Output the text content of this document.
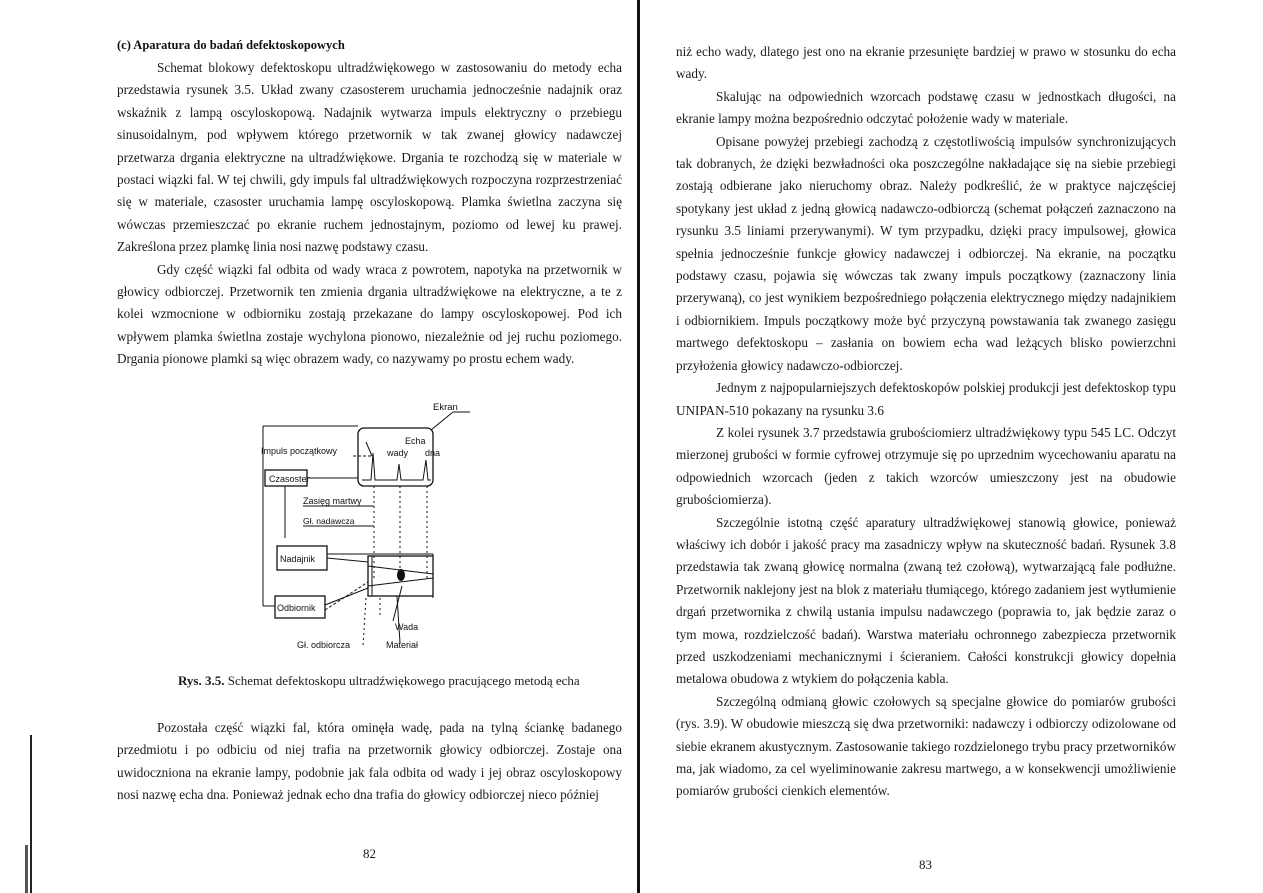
(c) Aparatura do badań defektoskopowych

Schemat blokowy defektoskopu ultradźwiękowego w zastosowaniu do metody echa przedstawia rysunek 3.5. Układ zwany czasosterem uruchamia jednocześnie nadajnik oraz wskaźnik z lampą oscyloskopową. Nadajnik wytwarza impuls elektryczny o przebiegu sinusoidalnym, pod wpływem którego przetwornik w tak zwanej głowicy nadawczej przetwarza drgania elektryczne na ultradźwiękowe. Drgania te rozchodzą się w materiale w postaci wiązki fal. W tej chwili, gdy impuls fal ultradźwiękowych rozpoczyna rozprzestrzeniać się w materiale, czasoster uruchamia lampę oscyloskopową. Plamka świetlna zaczyna się wówczas przemieszczać po ekranie ruchem jednostajnym, poziomo od lewej ku prawej. Zakreślona przez plamkę linia nosi nazwę podstawy czasu.

Gdy część wiązki fal odbita od wady wraca z powrotem, napotyka na przetwornik w głowicy odbiorczej. Przetwornik ten zmienia drgania ultradźwiękowe na elektryczne, a te z kolei wzmocnione w odbiorniku zostają przekazane do lampy oscyloskopowej. Pod ich wpływem plamka świetlna zostaje wychylona pionowo, niezależnie od jej ruchu poziomego. Drgania pionowe plamki są więc obrazem wady, co nazywamy po prostu echem wady.

Ekran
Impuls początkowy
Echa
wady dna
Czasoster
Zasięg martwy
Gł. nadawcza
Nadajnik
Odbiornik
Wada
Gł. odbiorcza	Materiał
Rys. 3.5. Schemat defektoskopu ultradźwiękowego pracującego metodą echa

Pozostała część wiązki fal, która ominęła wadę, pada na tylną ściankę badanego przedmiotu i po odbiciu od niej trafia na przetwornik głowicy odbiorczej. Zostaje ona uwidoczniona na ekranie lampy, podobnie jak fala odbita od wady i jej obraz oscyloskopowy nosi nazwę echa dna. Ponieważ jednak echo dna trafia do głowicy odbiorczej nieco później

82

niż echo wady, dlatego jest ono na ekranie przesunięte bardziej w prawo w stosunku do echa wady.

Skalując na odpowiednich wzorcach podstawę czasu w jednostkach długości, na ekranie lampy można bezpośrednio odczytać położenie wady w materiale.

Opisane powyżej przebiegi zachodzą z częstotliwością impulsów synchronizujących tak dobranych, że dzięki bezwładności oka poszczególne nakładające się na siebie przebiegi zostają odbierane jako nieruchomy obraz. Należy podkreślić, że w praktyce najczęściej spotykany jest układ z jedną głowicą nadawczo-odbiorczą (schemat połączeń zaznaczono na rysunku 3.5 liniami przerywanymi). W tym przypadku, dzięki pracy impulsowej, głowica spełnia jednocześnie funkcje głowicy nadawczej i odbiorczej. Na ekranie, na początku podstawy czasu, pojawia się wówczas tak zwany impuls początkowy (zaznaczony linia przerywaną), co jest wynikiem bezpośredniego połączenia elektrycznego między nadajnikiem i odbiornikiem. Impuls początkowy może być przyczyną powstawania tak zwanego zasięgu martwego defektoskopu – zasłania on bowiem echa wad leżących blisko powierzchni przyłożenia głowicy nadawczo-odbiorczej.

Jednym z najpopularniejszych defektoskopów polskiej produkcji jest defektoskop typu UNIPAN-510 pokazany na rysunku 3.6

Z kolei rysunek 3.7 przedstawia grubościomierz ultradźwiękowy typu 545 LC. Odczyt mierzonej grubości w formie cyfrowej otrzymuje się po uprzednim wycechowaniu aparatu na odpowiednich wzorcach (jeden z takich wzorców umieszczony jest na obudowie grubościomierza).

Szczególnie istotną część aparatury ultradźwiękowej stanowią głowice, ponieważ właściwy ich dobór i jakość pracy ma zasadniczy wpływ na skuteczność badań. Rysunek 3.8 przedstawia tak zwaną głowicę normalna (zwaną też czołową), wytwarzającą fale podłużne. Przetwornik naklejony jest na blok z materiału tłumiącego, którego zadaniem jest wytłumienie drgań przetwornika z chwilą ustania impulsu nadawczego (poprawia to, jak będzie zaraz o tym mowa, rozdzielczość badań). Warstwa materiału ochronnego zabezpiecza przetwornik przed uszkodzeniami mechanicznymi i ścieraniem. Całości konstrukcji głowicy dopełnia metalowa obudowa z wtykiem do połączenia kabla.

Szczególną odmianą głowic czołowych są specjalne głowice do pomiarów grubości (rys. 3.9). W obudowie mieszczą się dwa przetworniki: nadawczy i odbiorczy odizolowane od siebie ekranem akustycznym. Zastosowanie takiego rozdzielonego trybu pracy przetworników ma, jak wiadomo, za cel wyeliminowanie zakresu martwego, a w konsekwencji umożliwienie pomiarów grubości cienkich elementów.

83
